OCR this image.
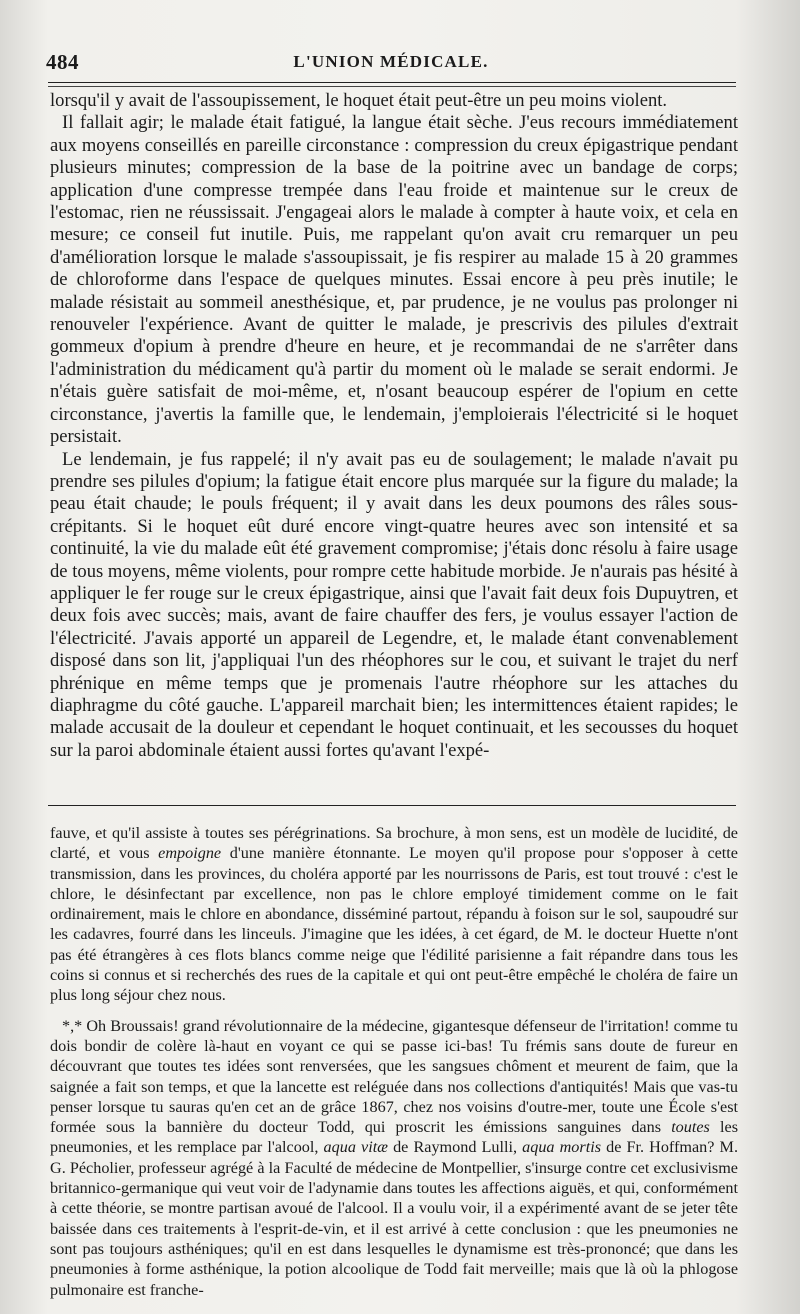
484	L'UNION MÉDICALE.

lorsqu'il y avait de l'assoupissement, le hoquet était peut-être un peu moins violent.

Il fallait agir; le malade était fatigué, la langue était sèche. J'eus recours immédiatement aux moyens conseillés en pareille circonstance : compression du creux épigastrique pendant plusieurs minutes; compression de la base de la poitrine avec un bandage de corps; application d'une compresse trempée dans l'eau froide et maintenue sur le creux de l'estomac, rien ne réussissait. J'engageai alors le malade à compter à haute voix, et cela en mesure; ce conseil fut inutile. Puis, me rappelant qu'on avait cru remarquer un peu d'amélioration lorsque le malade s'assoupissait, je fis respirer au malade 15 à 20 grammes de chloroforme dans l'espace de quelques minutes. Essai encore à peu près inutile; le malade résistait au sommeil anesthésique, et, par prudence, je ne voulus pas prolonger ni renouveler l'expérience. Avant de quitter le malade, je prescrivis des pilules d'extrait gommeux d'opium à prendre d'heure en heure, et je recommandai de ne s'arrêter dans l'administration du médicament qu'à partir du moment où le malade se serait endormi. Je n'étais guère satisfait de moi-même, et, n'osant beaucoup espérer de l'opium en cette circonstance, j'avertis la famille que, le lendemain, j'emploierais l'électricité si le hoquet persistait.

Le lendemain, je fus rappelé; il n'y avait pas eu de soulagement; le malade n'avait pu prendre ses pilules d'opium; la fatigue était encore plus marquée sur la figure du malade; la peau était chaude; le pouls fréquent; il y avait dans les deux poumons des râles sous-crépitants. Si le hoquet eût duré encore vingt-quatre heures avec son intensité et sa continuité, la vie du malade eût été gravement compromise; j'étais donc résolu à faire usage de tous moyens, même violents, pour rompre cette habitude morbide. Je n'aurais pas hésité à appliquer le fer rouge sur le creux épigastrique, ainsi que l'avait fait deux fois Dupuytren, et deux fois avec succès; mais, avant de faire chauffer des fers, je voulus essayer l'action de l'électricité. J'avais apporté un appareil de Legendre, et, le malade étant convenablement disposé dans son lit, j'appliquai l'un des rhéophores sur le cou, et suivant le trajet du nerf phrénique en même temps que je promenais l'autre rhéophore sur les attaches du diaphragme du côté gauche. L'appareil marchait bien; les intermittences étaient rapides; le malade accusait de la douleur et cependant le hoquet continuait, et les secousses du hoquet sur la paroi abdominale étaient aussi fortes qu'avant l'expé-

fauve, et qu'il assiste à toutes ses pérégrinations. Sa brochure, à mon sens, est un modèle de lucidité, de clarté, et vous empoigne d'une manière étonnante. Le moyen qu'il propose pour s'opposer à cette transmission, dans les provinces, du choléra apporté par les nourrissons de Paris, est tout trouvé : c'est le chlore, le désinfectant par excellence, non pas le chlore employé timidement comme on le fait ordinairement, mais le chlore en abondance, disséminé partout, répandu à foison sur le sol, saupoudré sur les cadavres, fourré dans les linceuls. J'imagine que les idées, à cet égard, de M. le docteur Huette n'ont pas été étrangères à ces flots blancs comme neige que l'édilité parisienne a fait répandre dans tous les coins si connus et si recherchés des rues de la capitale et qui ont peut-être empêché le choléra de faire un plus long séjour chez nous.

*,* Oh Broussais! grand révolutionnaire de la médecine, gigantesque défenseur de l'irritation! comme tu dois bondir de colère là-haut en voyant ce qui se passe ici-bas! Tu frémis sans doute de fureur en découvrant que toutes tes idées sont renversées, que les sangsues chôment et meurent de faim, que la saignée a fait son temps, et que la lancette est reléguée dans nos collections d'antiquités! Mais que vas-tu penser lorsque tu sauras qu'en cet an de grâce 1867, chez nos voisins d'outre-mer, toute une École s'est formée sous la bannière du docteur Todd, qui proscrit les émissions sanguines dans toutes les pneumonies, et les remplace par l'alcool, aqua vitæ de Raymond Lulli, aqua mortis de Fr. Hoffman? M. G. Pécholier, professeur agrégé à la Faculté de médecine de Montpellier, s'insurge contre cet exclusivisme britannico-germanique qui veut voir de l'adynamie dans toutes les affections aiguës, et qui, conformément à cette théorie, se montre partisan avoué de l'alcool. Il a voulu voir, il a expérimenté avant de se jeter tête baissée dans ces traitements à l'esprit-de-vin, et il est arrivé à cette conclusion : que les pneumonies ne sont pas toujours asthéniques; qu'il en est dans lesquelles le dynamisme est très-prononcé; que dans les pneumonies à forme asthénique, la potion alcoolique de Todd fait merveille; mais que là où la phlogose pulmonaire est franche-
